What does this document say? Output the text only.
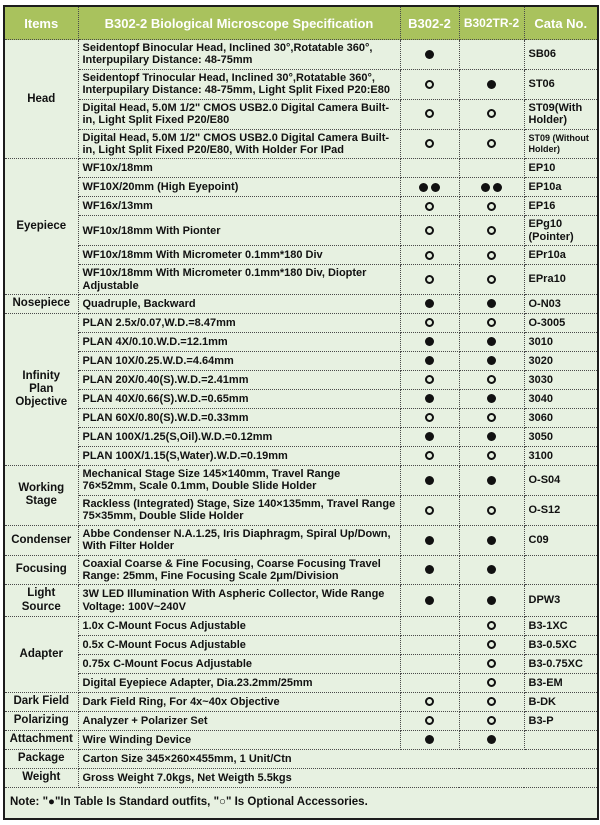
Items	B302-2 Biological Microscope Specification	B302-2	B302TR-2	Cata No.
Head	Seidentopf Binocular Head, Inclined 30°,Rotatable 360°, Interpupilary Distance: 48-75mm			SB06
	Seidentopf Trinocular Head, Inclined 30°,Rotatable 360°, Interpupilary Distance: 48-75mm, Light Split Fixed P20:E80			ST06
	Digital Head, 5.0M 1/2" CMOS USB2.0 Digital Camera Built-in, Light Split Fixed P20/E80			ST09(With Holder)
	Digital Head, 5.0M 1/2" CMOS USB2.0 Digital Camera Built-in, Light Split Fixed P20/E80, With Holder For IPad			ST09 (Without Holder)
Eyepiece	WF10x/18mm			EP10
	WF10X/20mm (High Eyepoint)			EP10a
	WF16x/13mm			EP16
	WF10x/18mm With Pionter			EPg10 (Pointer)
	WF10x/18mm With Micrometer 0.1mm*180 Div			EPr10a
	WF10x/18mm With Micrometer 0.1mm*180 Div, Diopter Adjustable			EPra10
Nosepiece	Quadruple, Backward			O-N03
Infinity Plan Objective	PLAN 2.5x/0.07,W.D.=8.47mm			O-3005
	PLAN 4X/0.10.W.D.=12.1mm			3010
	PLAN 10X/0.25.W.D.=4.64mm			3020
	PLAN 20X/0.40(S).W.D.=2.41mm			3030
	PLAN 40X/0.66(S).W.D.=0.65mm			3040
	PLAN 60X/0.80(S).W.D.=0.33mm			3060
	PLAN 100X/1.25(S,Oil).W.D.=0.12mm			3050
	PLAN 100X/1.15(S,Water).W.D.=0.19mm			3100
Working Stage	Mechanical Stage Size 145×140mm, Travel Range 76×52mm, Scale 0.1mm, Double Slide Holder			O-S04
	Rackless (Integrated) Stage, Size 140×135mm, Travel Range 75×35mm, Double Slide Holder			O-S12
Condenser	Abbe Condenser N.A.1.25, Iris Diaphragm, Spiral Up/Down, With Filter Holder			C09
Focusing	Coaxial Coarse & Fine Focusing, Coarse Focusing Travel Range: 25mm, Fine Focusing Scale 2μm/Division			
Light Source	3W LED Illumination With Aspheric Collector, Wide Range Voltage: 100V~240V			DPW3
Adapter	1.0x C-Mount Focus Adjustable			B3-1XC
	0.5x C-Mount Focus Adjustable			B3-0.5XC
	0.75x C-Mount Focus Adjustable			B3-0.75XC
	Digital Eyepiece Adapter, Dia.23.2mm/25mm			B3-EM
Dark Field	Dark Field Ring, For 4x~40x Objective			B-DK
Polarizing	Analyzer + Polarizer Set			B3-P
Attachment	Wire Winding Device			
Package	Carton Size 345×260×455mm, 1 Unit/Ctn			
Weight	Gross Weight 7.0kgs, Net Weigth 5.5kgs			
Note: "●"In Table Is Standard outfits, "○" Is Optional Accessories.				
